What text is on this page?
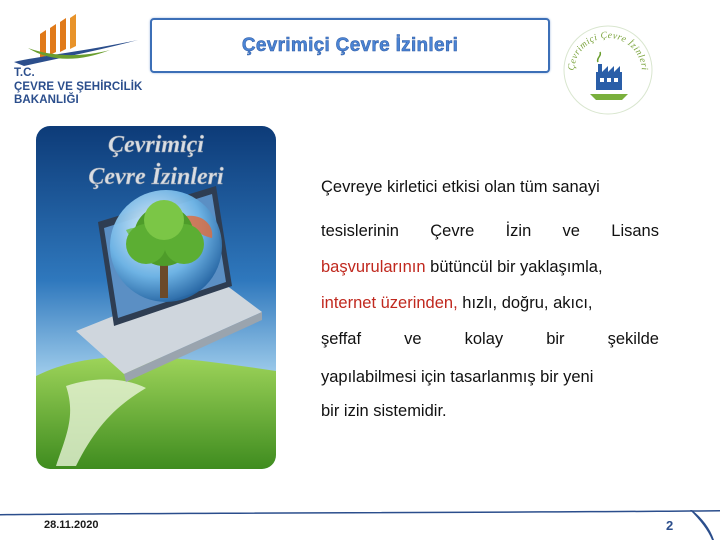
T.C.
ÇEVRE VE ŞEHİRCİLİK
BAKANLIĞI
Çevrimiçi Çevre İzinleri
Çevrimiçi Çevre İzinleri
Çevrimiçi
Çevre İzinleri	Çevreye kirletici etkisi olan tüm sanayi
tesislerinin Çevre İzin ve Lisans
başvurularının bütüncül bir yaklaşımla,
internet üzerinden, hızlı, doğru, akıcı,
şeffaf	ve	kolay	bir	şekilde
yapılabilmesi için tasarlanmış bir yeni
bir izin sistemidir.
28.11.2020	2
